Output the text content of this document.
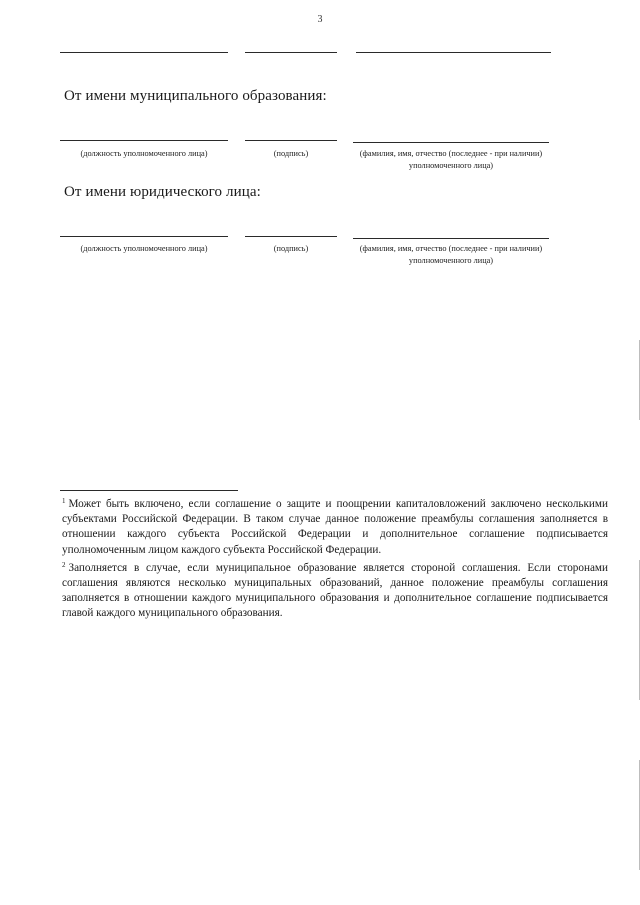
3
От имени муниципального образования:
(должность уполномоченного лица)	(подпись)	(фамилия, имя, отчество (последнее - при наличии) уполномоченного лица)
От имени юридического лица:
(должность уполномоченного лица)	(подпись)	(фамилия, имя, отчество (последнее - при наличии) уполномоченного лица)

$^1$ Может быть включено, если соглашение о защите и поощрении капиталовложений заключено несколькими субъектами Российской Федерации. В таком случае данное положение преамбулы соглашения заполняется в отношении каждого субъекта Российской Федерации и дополнительное соглашение подписывается уполномоченным лицом каждого субъекта Российской Федерации.

$^2$ Заполняется в случае, если муниципальное образование является стороной соглашения. Если сторонами соглашения являются несколько муниципальных образований, данное положение преамбулы соглашения заполняется в отношении каждого муниципального образования и дополнительное соглашение подписывается главой каждого муниципального образования.
